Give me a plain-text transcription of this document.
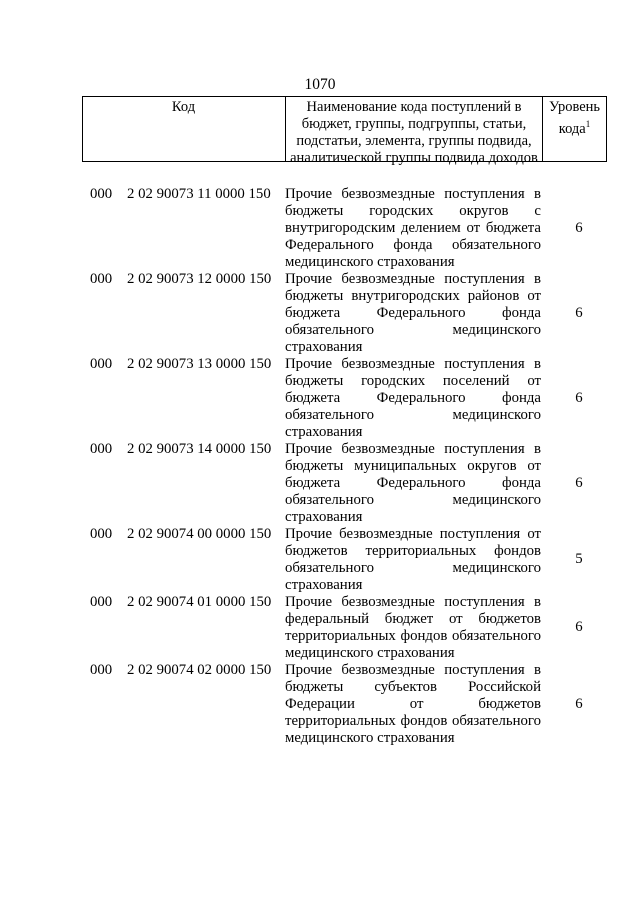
1070
Код	Наименование кода поступлений в бюджет, группы, подгруппы, статьи, подстатьи, элемента, группы подвида, аналитической группы подвида доходов
Уровень кода$^1$
000 2 02 90073 11 0000 150 Прочие безвозмездные поступления в бюджеты городских округов с внутригородским делением от бюджета Федерального фонда обязательного медицинского страхования
6
000 2 02 90073 12 0000 150 Прочие безвозмездные поступления в бюджеты внутригородских районов от бюджета Федерального фонда обязательного медицинского страхования
6
000 2 02 90073 13 0000 150 Прочие безвозмездные поступления в бюджеты городских поселений от бюджета Федерального фонда обязательного медицинского страхования
6
000 2 02 90073 14 0000 150 Прочие безвозмездные поступления в бюджеты муниципальных округов от бюджета Федерального фонда обязательного медицинского страхования
6
000 2 02 90074 00 0000 150 Прочие безвозмездные поступления от бюджетов территориальных фондов обязательного медицинского страхования
5
000 2 02 90074 01 0000 150 Прочие безвозмездные поступления в федеральный бюджет от бюджетов территориальных фондов обязательного медицинского страхования
6
000 2 02 90074 02 0000 150 Прочие безвозмездные поступления в бюджеты субъектов Российской Федерации от бюджетов территориальных фондов обязательного медицинского страхования
6
